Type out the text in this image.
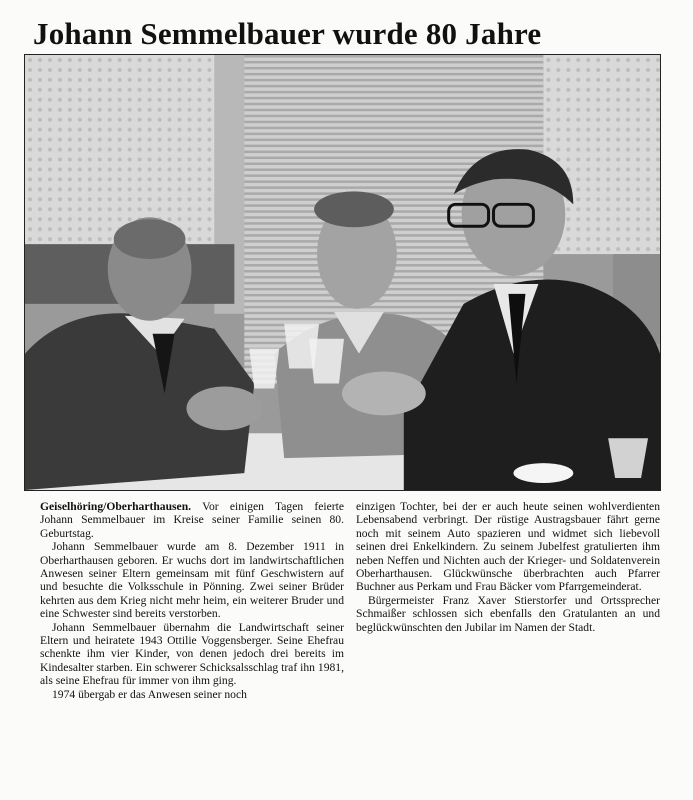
Johann Semmelbauer wurde 80 Jahre

Geiselhöring/Oberharthausen. Vor einigen Tagen feierte Johann Semmelbauer im Kreise seiner Familie seinen 80. Geburtstag.

Johann Semmelbauer wurde am 8. Dezember 1911 in Oberharthausen geboren. Er wuchs dort im landwirtschaftlichen Anwesen seiner Eltern gemeinsam mit fünf Geschwistern auf und besuchte die Volksschule in Pönning. Zwei seiner Brüder kehrten aus dem Krieg nicht mehr heim, ein weiterer Bruder und eine Schwester sind bereits verstorben.

Johann Semmelbauer übernahm die Landwirtschaft seiner Eltern und heiratete 1943 Ottilie Voggensberger. Seine Ehefrau schenkte ihm vier Kinder, von denen jedoch drei bereits im Kindesalter starben. Ein schwerer Schicksalsschlag traf ihn 1981, als seine Ehefrau für immer von ihm ging.

1974 übergab er das Anwesen seiner noch

einzigen Tochter, bei der er auch heute seinen wohlverdienten Lebensabend verbringt. Der rüstige Austragsbauer fährt gerne noch mit seinem Auto spazieren und widmet sich liebevoll seinen drei Enkelkindern. Zu seinem Jubelfest gratulierten ihm neben Neffen und Nichten auch der Krieger- und Soldatenverein Oberharthausen. Glückwünsche überbrachten auch Pfarrer Buchner aus Perkam und Frau Bäcker vom Pfarrgemeinderat.

Bürgermeister Franz Xaver Stierstorfer und Ortssprecher Schmaißer schlossen sich ebenfalls den Gratulanten an und beglückwünschten den Jubilar im Namen der Stadt.
